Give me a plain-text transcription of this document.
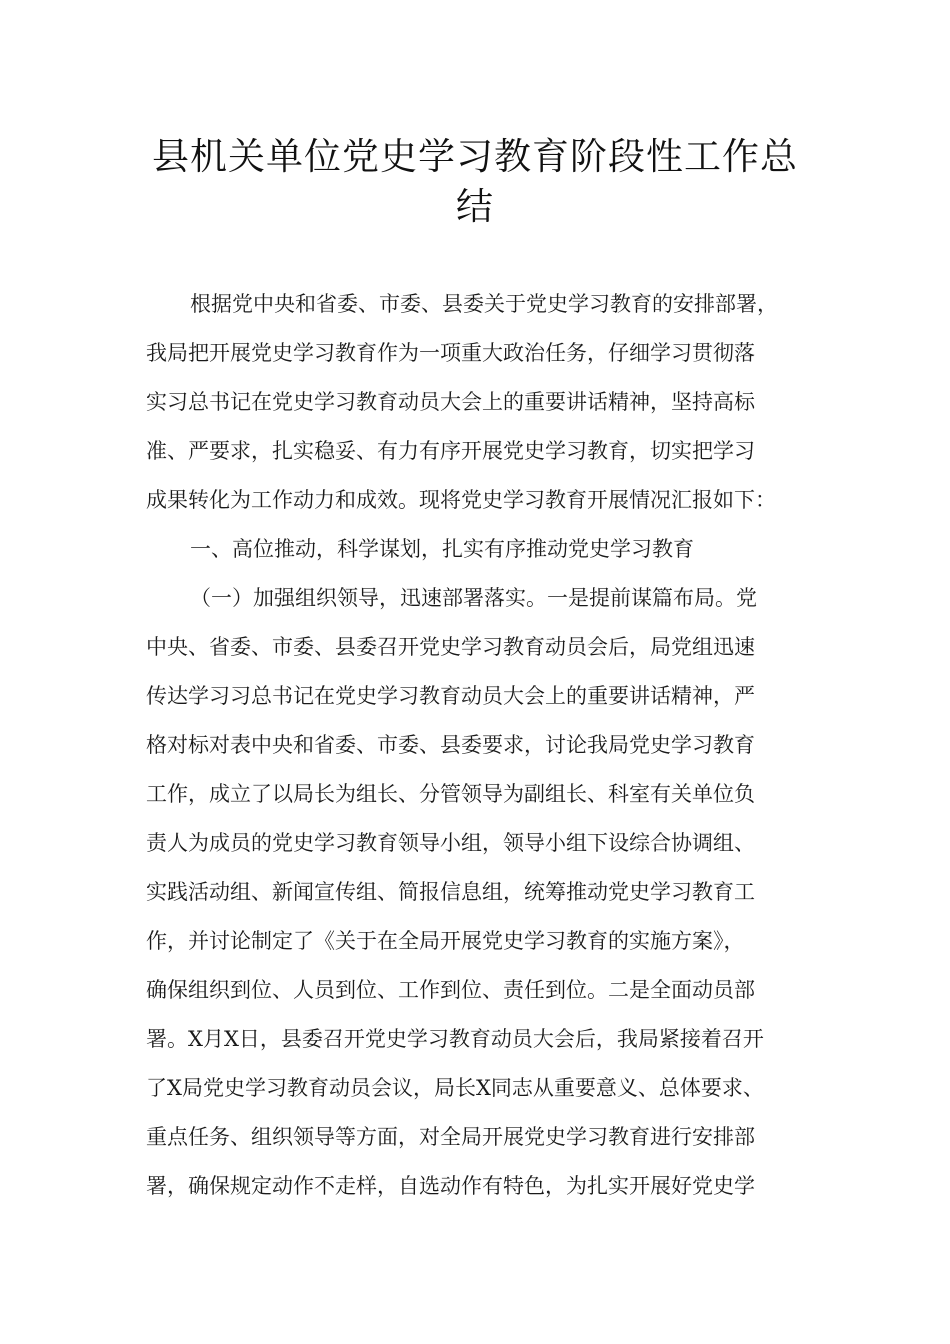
县机关单位党史学习教育阶段性工作总
结
根据党中央和省委、市委、县委关于党史学习教育的安排部署，
我局把开展党史学习教育作为一项重大政治任务，仔细学习贯彻落
实习总书记在党史学习教育动员大会上的重要讲话精神，坚持高标
准、严要求，扎实稳妥、有力有序开展党史学习教育，切实把学习
成果转化为工作动力和成效。现将党史学习教育开展情况汇报如下：
一、高位推动，科学谋划，扎实有序推动党史学习教育
（一）加强组织领导，迅速部署落实。一是提前谋篇布局。党
中央、省委、市委、县委召开党史学习教育动员会后，局党组迅速
传达学习习总书记在党史学习教育动员大会上的重要讲话精神，严
格对标对表中央和省委、市委、县委要求，讨论我局党史学习教育
工作，成立了以局长为组长、分管领导为副组长、科室有关单位负
责人为成员的党史学习教育领导小组，领导小组下设综合协调组、
实践活动组、新闻宣传组、简报信息组，统筹推动党史学习教育工
作，并讨论制定了《关于在全局开展党史学习教育的实施方案》，
确保组织到位、人员到位、工作到位、责任到位。二是全面动员部
署。X月X日，县委召开党史学习教育动员大会后，我局紧接着召开
了X局党史学习教育动员会议，局长X同志从重要意义、总体要求、
重点任务、组织领导等方面，对全局开展党史学习教育进行安排部
署，确保规定动作不走样，自选动作有特色，为扎实开展好党史学
